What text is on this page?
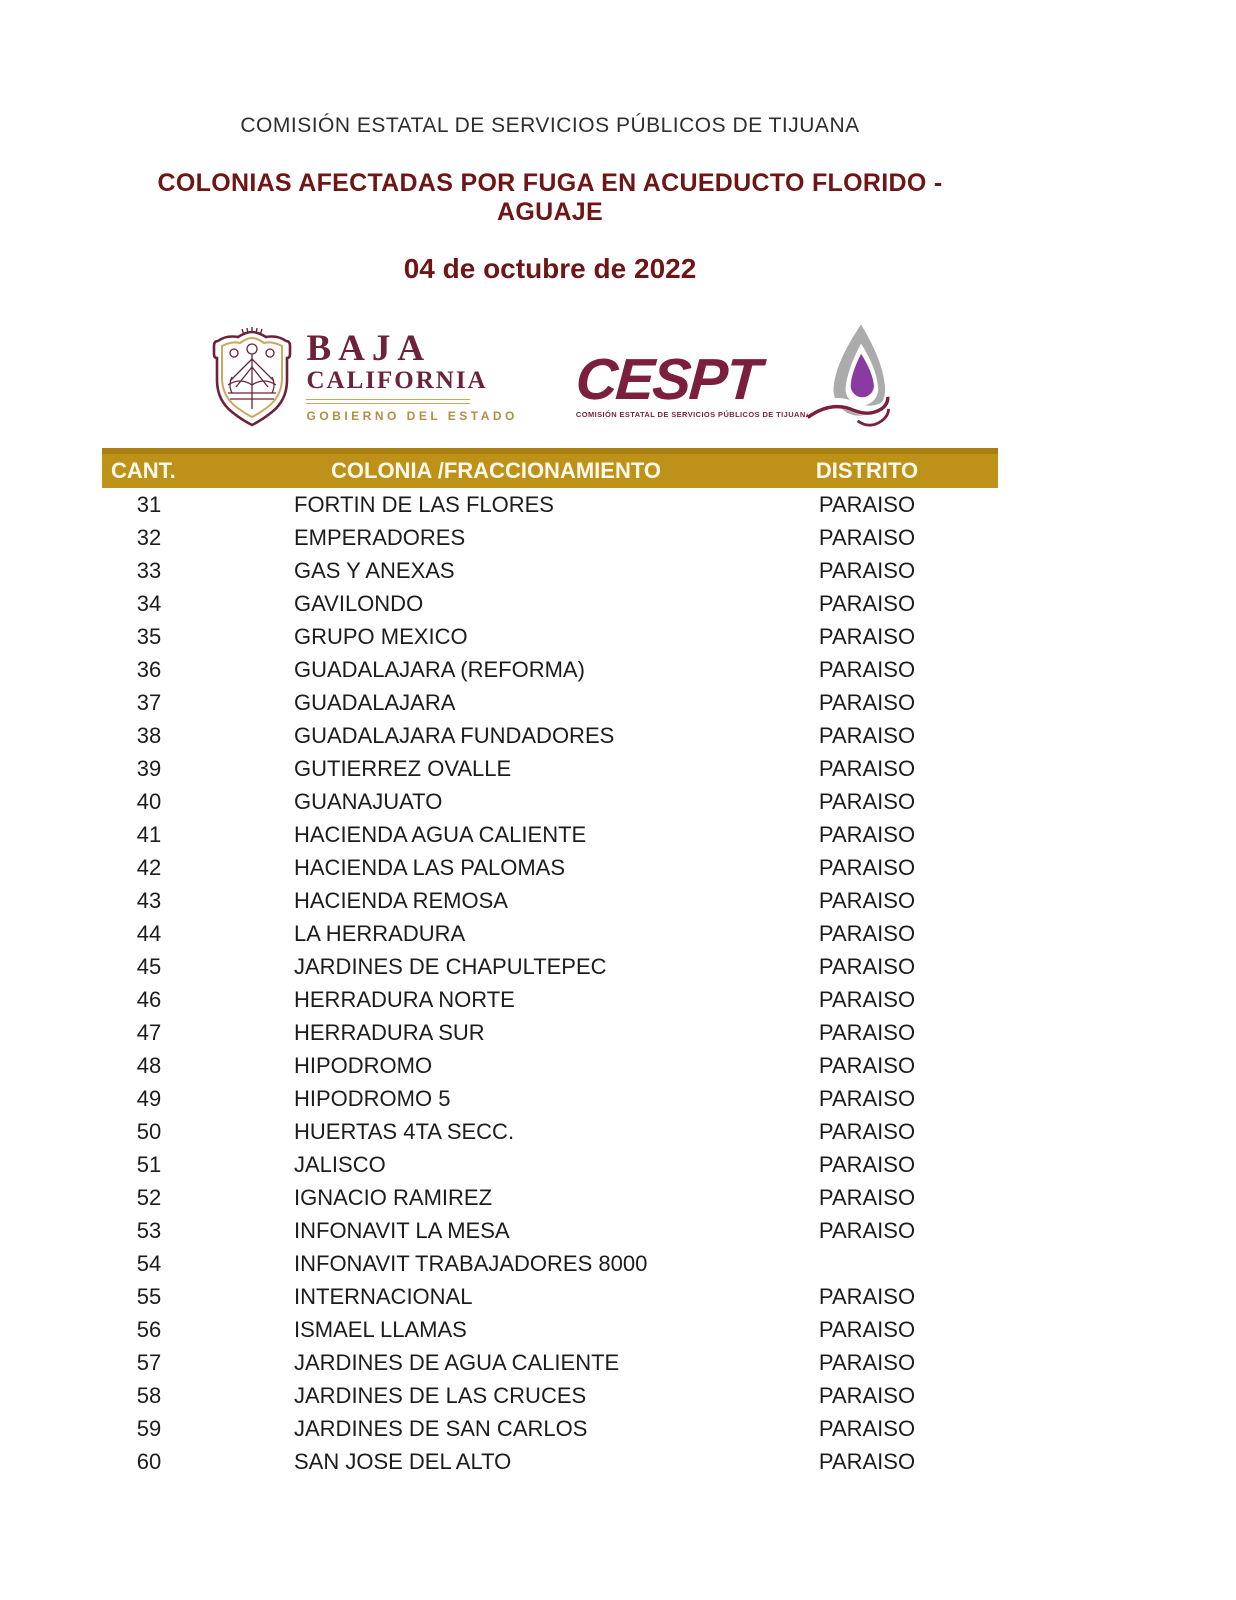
COMISIÓN ESTATAL DE SERVICIOS PÚBLICOS DE TIJUANA
COLONIAS AFECTADAS POR FUGA EN ACUEDUCTO FLORIDO - AGUAJE
04 de octubre de 2022
BAJA
CALIFORNIA
GOBIERNO DEL ESTADO
CESPT
COMISIÓN ESTATAL DE SERVICIOS PÚBLICOS DE TIJUANA
CANT.	COLONIA /FRACCIONAMIENTO	DISTRITO
31	FORTIN DE LAS FLORES	PARAISO
32	EMPERADORES	PARAISO
33	GAS Y ANEXAS	PARAISO
34	GAVILONDO	PARAISO
35	GRUPO MEXICO	PARAISO
36	GUADALAJARA (REFORMA)	PARAISO
37	GUADALAJARA	PARAISO
38	GUADALAJARA FUNDADORES	PARAISO
39	GUTIERREZ OVALLE	PARAISO
40	GUANAJUATO	PARAISO
41	HACIENDA AGUA CALIENTE	PARAISO
42	HACIENDA LAS PALOMAS	PARAISO
43	HACIENDA REMOSA	PARAISO
44	LA HERRADURA	PARAISO
45	JARDINES DE CHAPULTEPEC	PARAISO
46	HERRADURA NORTE	PARAISO
47	HERRADURA SUR	PARAISO
48	HIPODROMO	PARAISO
49	HIPODROMO 5	PARAISO
50	HUERTAS 4TA SECC.	PARAISO
51	JALISCO	PARAISO
52	IGNACIO RAMIREZ	PARAISO
53	INFONAVIT LA MESA	PARAISO
54	INFONAVIT TRABAJADORES 8000	
55	INTERNACIONAL	PARAISO
56	ISMAEL LLAMAS	PARAISO
57	JARDINES DE AGUA CALIENTE	PARAISO
58	JARDINES DE LAS CRUCES	PARAISO
59	JARDINES DE SAN CARLOS	PARAISO
60	SAN JOSE DEL ALTO	PARAISO
